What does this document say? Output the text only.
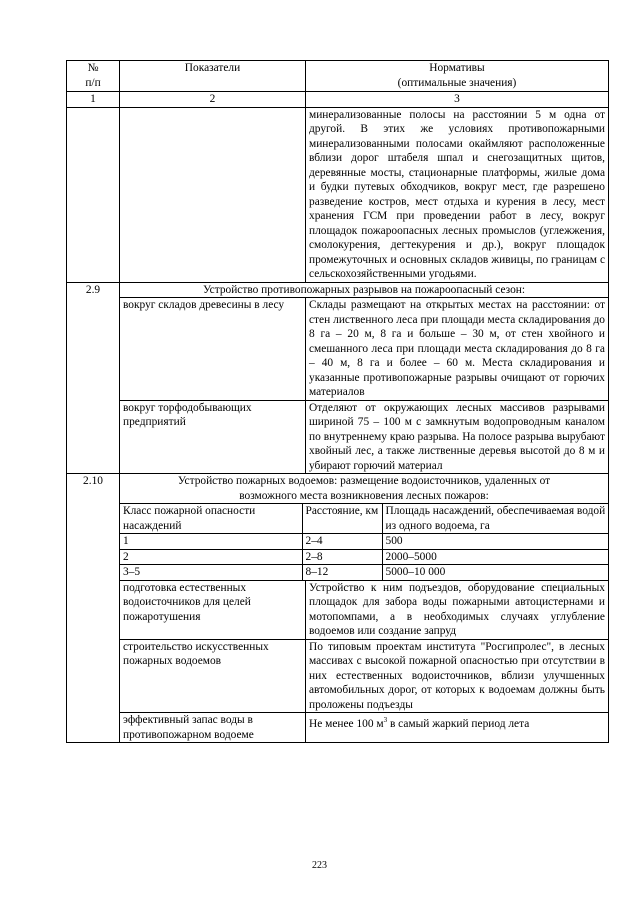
№
п/п	Показатели	Нормативы
(оптимальные значения)
1	2	3
		минерализованные полосы на расстоянии 5 м одна от другой. В этих же условиях противопожарными минерализованными полосами окаймляют расположенные вблизи дорог штабеля шпал и снегозащитных щитов, деревянные мосты, стационарные платформы, жилые дома и будки путевых обходчиков, вокруг мест, где разрешено разведение костров, мест отдыха и курения в лесу, мест хранения ГСМ при проведении работ в лесу, вокруг площадок пожароопасных лесных промыслов (углежжения, смолокурения, дегтекурения и др.), вокруг площадок промежуточных и основных складов живицы, по границам с сельскохозяйственными угодьями.
2.9	Устройство противопожарных разрывов на пожароопасный сезон:
вокруг складов древесины в лесу	Склады размещают на открытых местах на расстоянии: от стен лиственного леса при площади места складирования до 8 га – 20 м, 8 га и больше – 30 м, от стен хвойного и смешанного леса при площади места складирования до 8 га – 40 м, 8 га и более – 60 м. Места складирования и указанные противопожарные разрывы очищают от горючих материалов
вокруг торфодобывающих предприятий	Отделяют от окружающих лесных массивов разрывами шириной 75 – 100 м с замкнутым водопроводным каналом по внутреннему краю разрыва. На полосе разрыва вырубают хвойный лес, а также лиственные деревья высотой до 8 м и убирают горючий материал
2.10	Устройство пожарных водоемов: размещение водоисточников, удаленных от возможного места возникновения лесных пожаров:

Класс пожарной опасности насаждений	Расстояние, км	Площадь насаждений, обеспечиваемая водой из одного водоема, га
1	2–4	500
2	2–8	2000–5000
3–5	8–12	5000–10 000

подготовка естественных водоисточников для целей пожаротушения	Устройство к ним подъездов, оборудование специальных площадок для забора воды пожарными автоцистернами и мотопомпами, а в необходимых случаях углубление водоемов или создание запруд
строительство искусственных пожарных водоемов	По типовым проектам института "Росгипролес", в лесных массивах с высокой пожарной опасностью при отсутствии в них естественных водоисточников, вблизи улучшенных автомобильных дорог, от которых к водоемам должны быть проложены подъезды
эффективный запас воды в противопожарном водоеме	Не менее 100 $м^3$ в самый жаркий период лета
223
